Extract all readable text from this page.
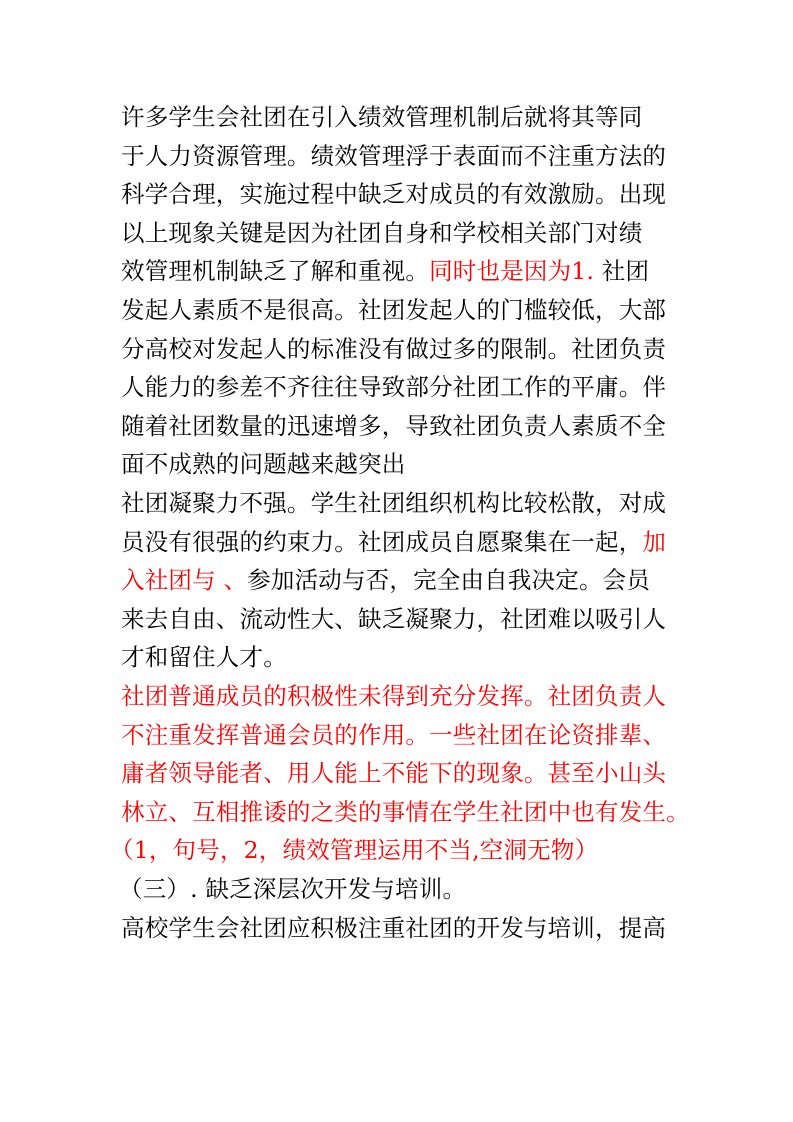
许多学生会社团在引入绩效管理机制后就将其等同
于人力资源管理。绩效管理浮于表面而不注重方法的
科学合理，实施过程中缺乏对成员的有效激励。出现
以上现象关键是因为社团自身和学校相关部门对绩
效管理机制缺乏了解和重视。同时也是因为1. 社团
发起人素质不是很高。社团发起人的门槛较低，大部
分高校对发起人的标准没有做过多的限制。社团负责
人能力的参差不齐往往导致部分社团工作的平庸。伴
随着社团数量的迅速增多，导致社团负责人素质不全
面不成熟的问题越来越突出
社团凝聚力不强。学生社团组织机构比较松散，对成
员没有很强的约束力。社团成员自愿聚集在一起，加
入社团与 、参加活动与否，完全由自我决定。会员
来去自由、流动性大、缺乏凝聚力，社团难以吸引人
才和留住人才。
社团普通成员的积极性未得到充分发挥。社团负责人
不注重发挥普通会员的作用。一些社团在论资排辈、
庸者领导能者、用人能上不能下的现象。甚至小山头
林立、互相推诿的之类的事情在学生社团中也有发生。
（1，句号，2，绩效管理运用不当,空洞无物）
（三）. 缺乏深层次开发与培训。
高校学生会社团应积极注重社团的开发与培训，提高
